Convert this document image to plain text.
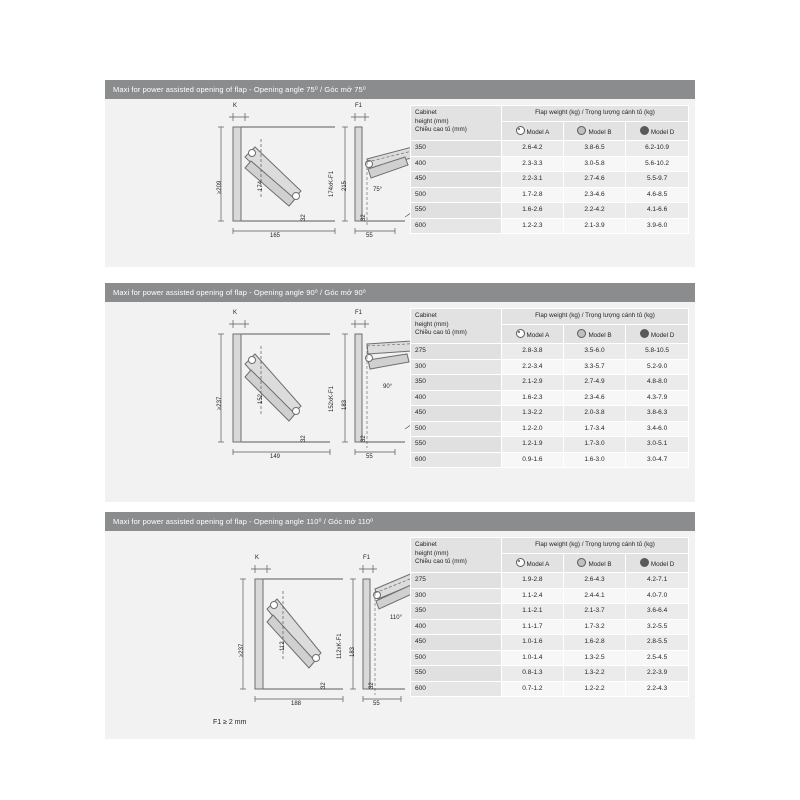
Maxi for power assisted opening of flap - Opening angle 75⁰ / Góc mở 75⁰
K	F1
≥209	174	174xK-F1 215
32	32
165	55
75°
Cabinet
height (mm)
Chiều cao tủ (mm)	Flap weight (kg) / Trọng lượng cánh tủ (kg)		
	Model A	Model B	Model D
350	2.6-4.2	3.8-6.5	6.2-10.9
400	2.3-3.3	3.0-5.8	5.6-10.2
450	2.2-3.1	2.7-4.6	5.5-9.7
500	1.7-2.8	2.3-4.6	4.6-8.5
550	1.6-2.6	2.2-4.2	4.1-6.6
600	1.2-2.3	2.1-3.9	3.9-6.0
Maxi for power assisted opening of flap - Opening angle 90⁰ / Góc mở 90⁰
K	F1
≥237	152	152xK-F1 183
32	32
149	55
90°
Cabinet
height (mm)
Chiều cao tủ (mm)	Flap weight (kg) / Trọng lượng cánh tủ (kg)		
	Model A	Model B	Model D
275	2.8-3.8	3.5-6.0	5.8-10.5
300	2.2-3.4	3.3-5.7	5.2-9.0
350	2.1-2.9	2.7-4.9	4.8-8.0
400	1.6-2.3	2.3-4.6	4.3-7.9
450	1.3-2.2	2.0-3.8	3.8-6.3
500	1.2-2.0	1.7-3.4	3.4-6.0
550	1.2-1.9	1.7-3.0	3.0-5.1
600	0.9-1.6	1.6-3.0	3.0-4.7
Maxi for power assisted opening of flap - Opening angle 110⁰ / Góc mở 110⁰
K	F1
≥237	112	112xK-F1 183
32	32
188	55
110°
F1 ≥ 2 mm
Cabinet
height (mm)
Chiều cao tủ (mm)	Flap weight (kg) / Trọng lượng cánh tủ (kg)		
	Model A	Model B	Model D
275	1.9-2.8	2.6-4.3	4.2-7.1
300	1.1-2.4	2.4-4.1	4.0-7.0
350	1.1-2.1	2.1-3.7	3.6-6.4
400	1.1-1.7	1.7-3.2	3.2-5.5
450	1.0-1.6	1.6-2.8	2.8-5.5
500	1.0-1.4	1.3-2.5	2.5-4.5
550	0.8-1.3	1.3-2.2	2.2-3.9
600	0.7-1.2	1.2-2.2	2.2-4.3
